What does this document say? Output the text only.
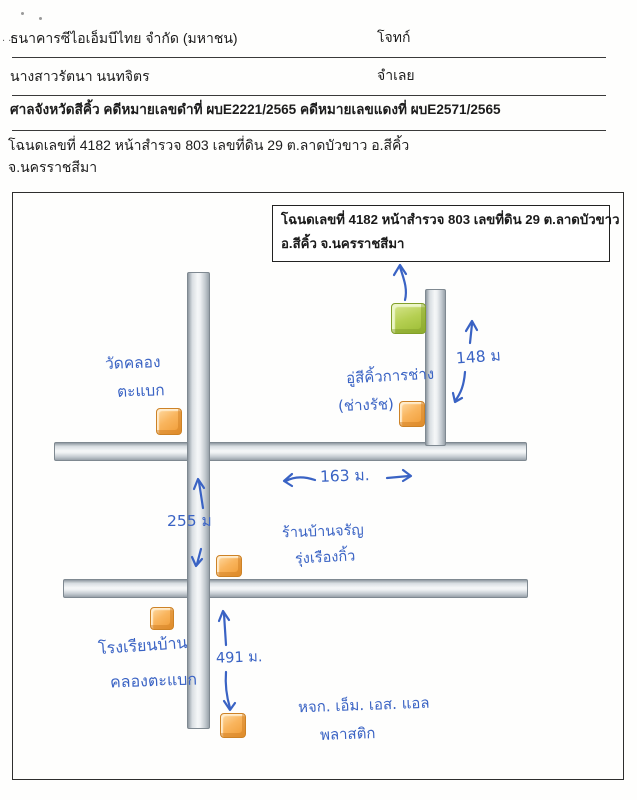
. .
ธนาคารซีไอเอ็มบีไทย จำกัด (มหาชน)	โจทก์
นางสาวรัตนา นนทจิตร	จำเลย
ศาลจังหวัดสีคิ้ว คดีหมายเลขดำที่ ผบE2221/2565 คดีหมายเลขแดงที่ ผบE2571/2565
โฉนดเลขที่ 4182 หน้าสำรวจ 803 เลขที่ดิน 29 ต.ลาดบัวขาว อ.สีคิ้ว
จ.นครราชสีมา
โฉนดเลขที่ 4182 หน้าสำรวจ 803 เลขที่ดิน 29 ต.ลาดบัวขาว
อ.สีคิ้ว จ.นครราชสีมา
วัดคลอง
ตะแบก
อู่สีคิ้วการช่าง
(ช่างรัช)
148 ม
163 ม.
255 ม
491 ม.
ร้านบ้านจรัญ
รุ่งเรืองกิ้ว
โรงเรียนบ้าน
คลองตะแบก
หจก. เอ็ม. เอส. แอล
พลาสติก
